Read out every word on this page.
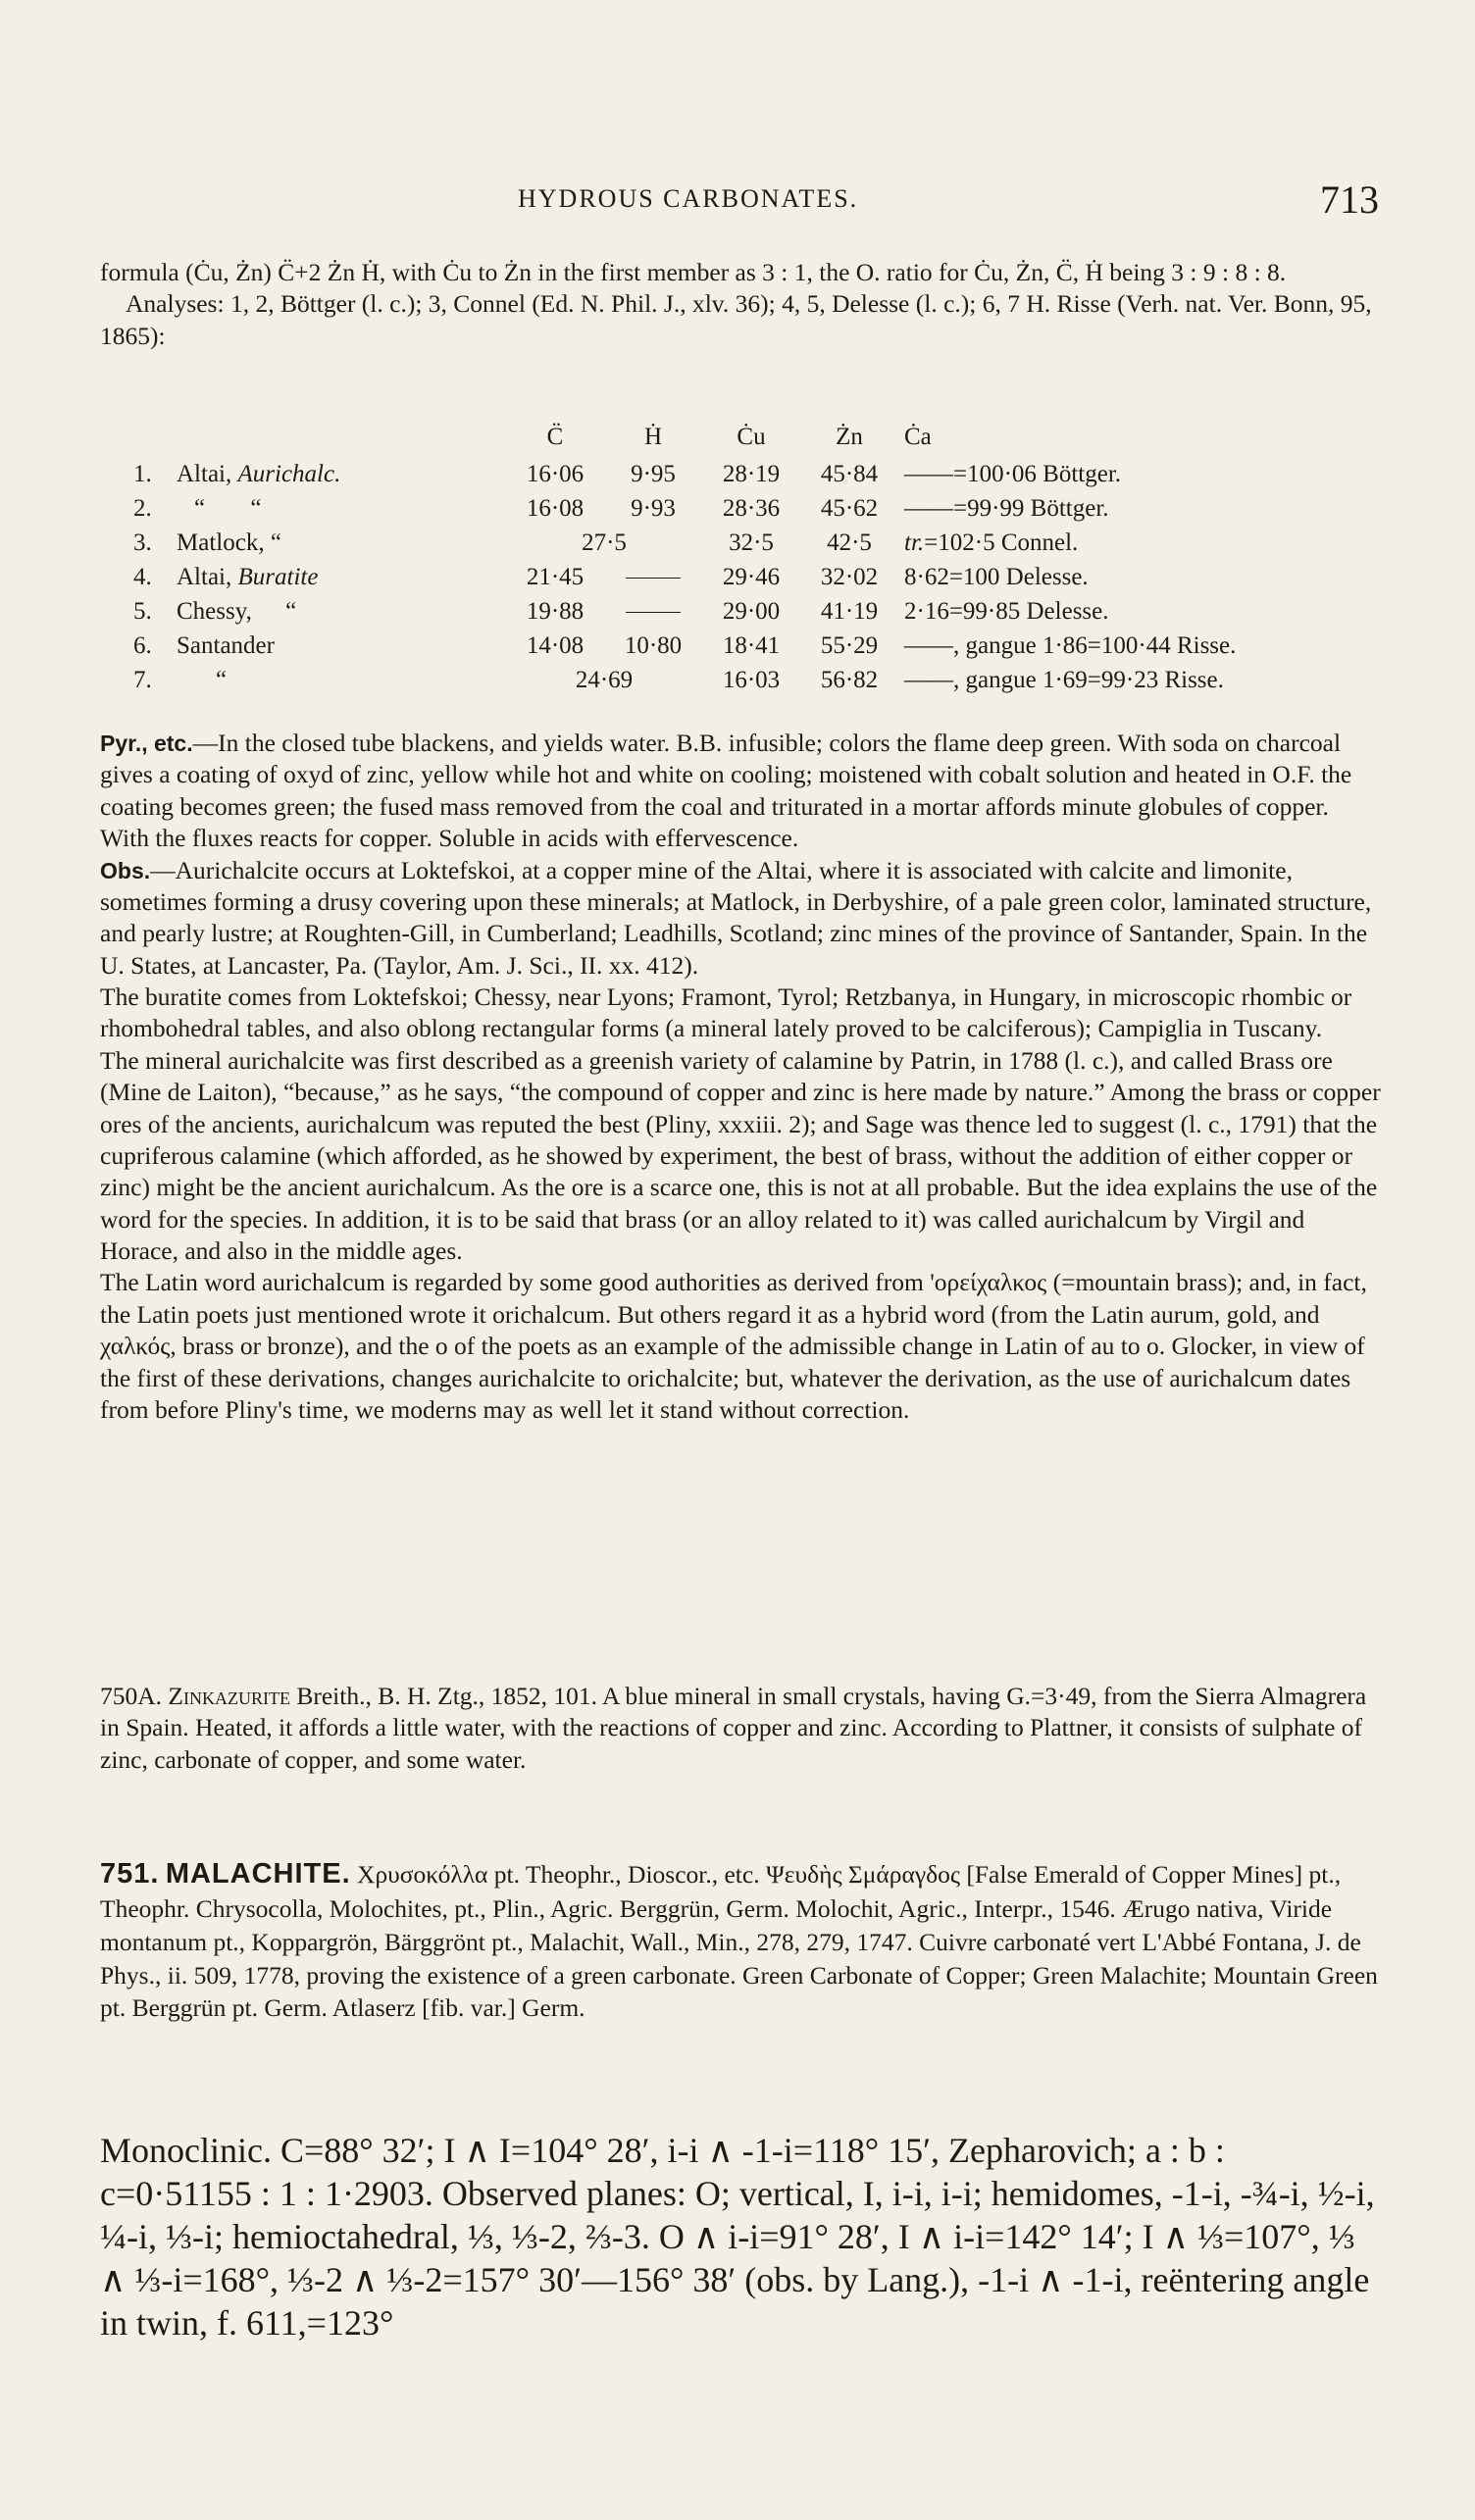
HYDROUS CARBONATES.	713

formula (Ċu, Żn) C̈+2 Żn Ḣ, with Ċu to Żn in the first member as 3 : 1, the O. ratio for Ċu, Żn, C̈, Ḣ being 3 : 9 : 8 : 8.

Analyses: 1, 2, Böttger (l. c.); 3, Connel (Ed. N. Phil. J., xlv. 36); 4, 5, Delesse (l. c.); 6, 7 H. Risse (Verh. nat. Ver. Bonn, 95, 1865):

		C̈	Ḣ	Ċu	Żn	Ċa
1.	Altai, Aurichalc.	16·06	9·95	28·19	45·84	——=100·06 Böttger.
2.	“ “	16·08	9·93	28·36	45·62	——=99·99 Böttger.
3.	Matlock, “	27·5		32·5	42·5	tr.=102·5 Connel.
4.	Altai, Buratite	21·45		29·46	32·02	8·62=100 Delesse.
5.	Chessy, “	19·88		29·00	41·19	2·16=99·85 Delesse.
6.	Santander	14·08	10·80	18·41	55·29	——, gangue 1·86=100·44 Risse.
7.	“	24·69		16·03	56·82	——, gangue 1·69=99·23 Risse.

Pyr., etc.—In the closed tube blackens, and yields water. B.B. infusible; colors the flame deep green. With soda on charcoal gives a coating of oxyd of zinc, yellow while hot and white on cooling; moistened with cobalt solution and heated in O.F. the coating becomes green; the fused mass removed from the coal and triturated in a mortar affords minute globules of copper. With the fluxes reacts for copper. Soluble in acids with effervescence.

Obs.—Aurichalcite occurs at Loktefskoi, at a copper mine of the Altai, where it is associated with calcite and limonite, sometimes forming a drusy covering upon these minerals; at Matlock, in Derbyshire, of a pale green color, laminated structure, and pearly lustre; at Roughten-Gill, in Cumberland; Leadhills, Scotland; zinc mines of the province of Santander, Spain. In the U. States, at Lancaster, Pa. (Taylor, Am. J. Sci., II. xx. 412).

The buratite comes from Loktefskoi; Chessy, near Lyons; Framont, Tyrol; Retzbanya, in Hungary, in microscopic rhombic or rhombohedral tables, and also oblong rectangular forms (a mineral lately proved to be calciferous); Campiglia in Tuscany.

The mineral aurichalcite was first described as a greenish variety of calamine by Patrin, in 1788 (l. c.), and called Brass ore (Mine de Laiton), “because,” as he says, “the compound of copper and zinc is here made by nature.” Among the brass or copper ores of the ancients, aurichalcum was reputed the best (Pliny, xxxiii. 2); and Sage was thence led to suggest (l. c., 1791) that the cupriferous calamine (which afforded, as he showed by experiment, the best of brass, without the addition of either copper or zinc) might be the ancient aurichalcum. As the ore is a scarce one, this is not at all probable. But the idea explains the use of the word for the species. In addition, it is to be said that brass (or an alloy related to it) was called aurichalcum by Virgil and Horace, and also in the middle ages.

The Latin word aurichalcum is regarded by some good authorities as derived from 'ορείχαλκος (=mountain brass); and, in fact, the Latin poets just mentioned wrote it orichalcum. But others regard it as a hybrid word (from the Latin aurum, gold, and χαλκός, brass or bronze), and the o of the poets as an example of the admissible change in Latin of au to o. Glocker, in view of the first of these derivations, changes aurichalcite to orichalcite; but, whatever the derivation, as the use of aurichalcum dates from before Pliny's time, we moderns may as well let it stand without correction.

750A. Zinkazurite Breith., B. H. Ztg., 1852, 101. A blue mineral in small crystals, having G.=3·49, from the Sierra Almagrera in Spain. Heated, it affords a little water, with the reactions of copper and zinc. According to Plattner, it consists of sulphate of zinc, carbonate of copper, and some water.

751. MALACHITE. Χρυσοκόλλα pt. Theophr., Dioscor., etc. Ψευδὴς Σμάραγδος [False Emerald of Copper Mines] pt., Theophr. Chrysocolla, Molochites, pt., Plin., Agric. Berggrün, Germ. Molochit, Agric., Interpr., 1546. Ærugo nativa, Viride montanum pt., Koppargrön, Bärggrönt pt., Malachit, Wall., Min., 278, 279, 1747. Cuivre carbonaté vert L'Abbé Fontana, J. de Phys., ii. 509, 1778, proving the existence of a green carbonate. Green Carbonate of Copper; Green Malachite; Mountain Green pt. Berggrün pt. Germ. Atlaserz [fib. var.] Germ.

Monoclinic. C=88° 32′; I ∧ I=104° 28′, i-i ∧ -1-i=118° 15′, Zepharovich; a : b : c=0·51155 : 1 : 1·2903. Observed planes: O; vertical, I, i-i, i-i; hemidomes, -1-i, -¾-i, ½-i, ¼-i, ⅓-i; hemioctahedral, ⅓, ⅓-2, ⅔-3. O ∧ i-i=91° 28′, I ∧ i-i=142° 14′; I ∧ ⅓=107°, ⅓ ∧ ⅓-i=168°, ⅓-2 ∧ ⅓-2=157° 30′—156° 38′ (obs. by Lang.), -1-i ∧ -1-i, reëntering angle in twin, f. 611,=123°
